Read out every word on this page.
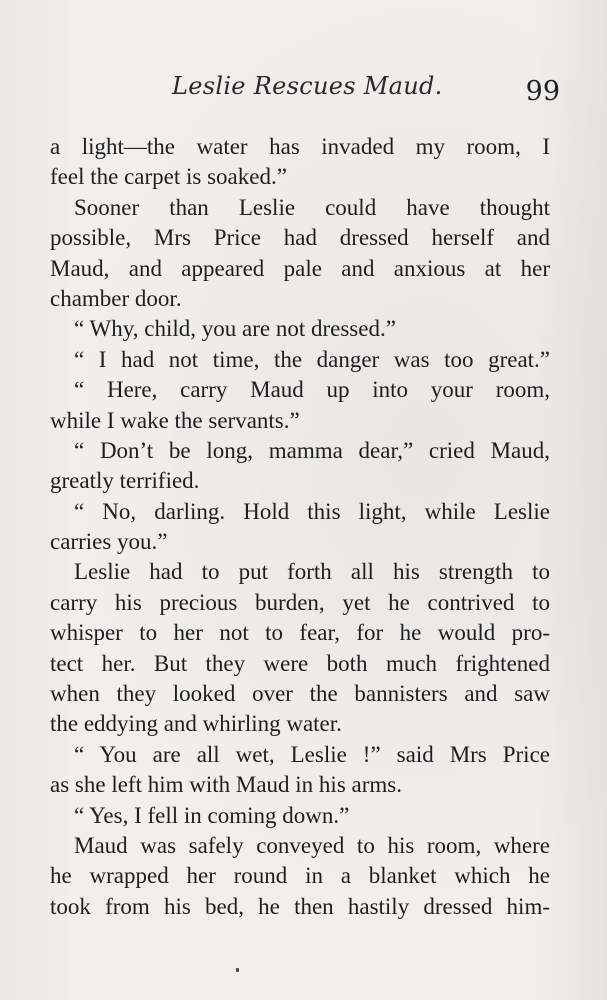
Leslie Rescues Maud.	99
a light—the water has invaded my room, I
feel the carpet is soaked.”
Sooner than Leslie could have thought
possible, Mrs Price had dressed herself and
Maud, and appeared pale and anxious at her
chamber door.
“ Why, child, you are not dressed.”
“ I had not time, the danger was too great.”
“ Here, carry Maud up into your room,
while I wake the servants.”
“ Don’t be long, mamma dear,” cried Maud,
greatly terrified.
“ No, darling. Hold this light, while Leslie
carries you.”
Leslie had to put forth all his strength to
carry his precious burden, yet he contrived to
whisper to her not to fear, for he would pro-
tect her. But they were both much frightened
when they looked over the bannisters and saw
the eddying and whirling water.
“ You are all wet, Leslie !” said Mrs Price
as she left him with Maud in his arms.
“ Yes, I fell in coming down.”
Maud was safely conveyed to his room, where
he wrapped her round in a blanket which he
took from his bed, he then hastily dressed him-
